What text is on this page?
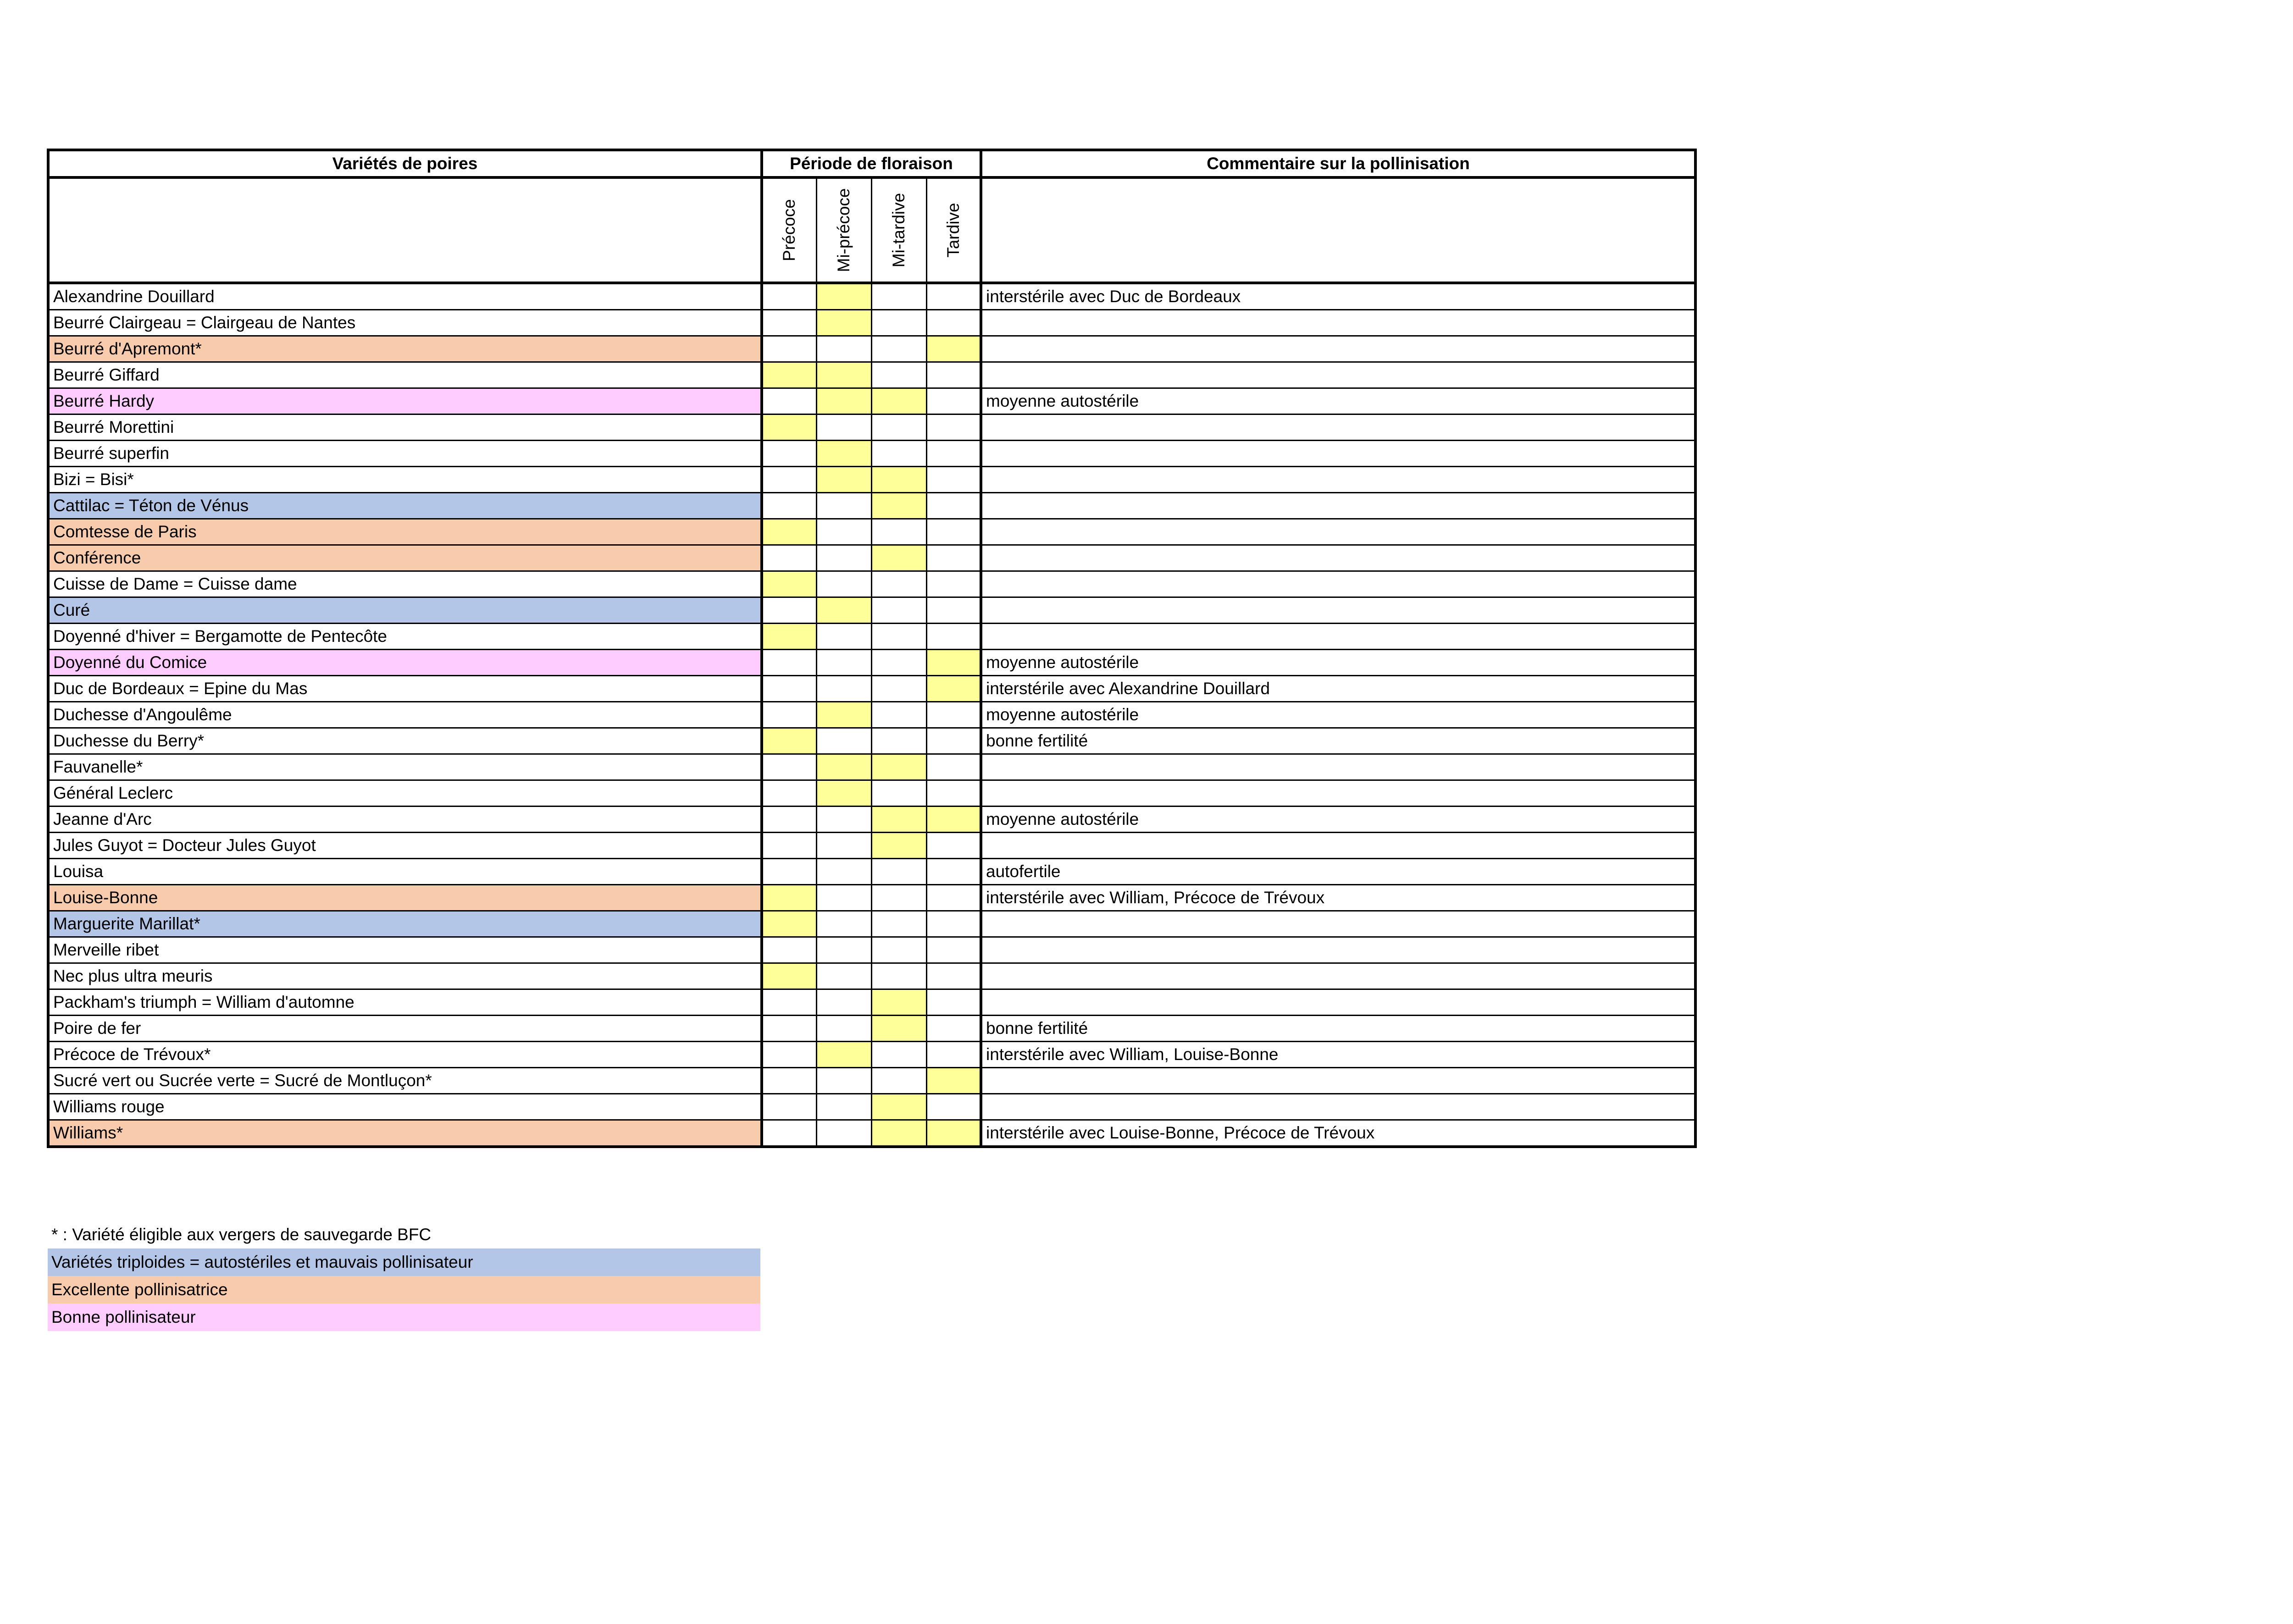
Variétés de poires	Période de floraison				Commentaire sur la pollinisation

	Précoce	Mi-précoce	Mi-tardive	Tardive	

Alexandrine Douillard					interstérile avec Duc de Bordeaux
Beurré Clairgeau = Clairgeau de Nantes					
Beurré d'Apremont*					
Beurré Giffard					
Beurré Hardy					moyenne autostérile
Beurré Morettini					
Beurré superfin					
Bizi = Bisi*					
Cattilac = Téton de Vénus					
Comtesse de Paris					
Conférence					
Cuisse de Dame = Cuisse dame					
Curé					
Doyenné d'hiver = Bergamotte de Pentecôte					
Doyenné du Comice					moyenne autostérile
Duc de Bordeaux = Epine du Mas					interstérile avec Alexandrine Douillard
Duchesse d'Angoulême					moyenne autostérile
Duchesse du Berry*					bonne fertilité
Fauvanelle*					
Général Leclerc					
Jeanne d'Arc					moyenne autostérile
Jules Guyot = Docteur Jules Guyot					
Louisa					autofertile
Louise-Bonne					interstérile avec William, Précoce de Trévoux
Marguerite Marillat*					
Merveille ribet					
Nec plus ultra meuris					
Packham's triumph = William d'automne					
Poire de fer					bonne fertilité
Précoce de Trévoux*					interstérile avec William, Louise-Bonne
Sucré vert ou Sucrée verte = Sucré de Montluçon*					
Williams rouge					
Williams*					interstérile avec Louise-Bonne, Précoce de Trévoux
* : Variété éligible aux vergers de sauvegarde BFC
Variétés triploides = autostériles et mauvais pollinisateur
Excellente pollinisatrice
Bonne pollinisateur
